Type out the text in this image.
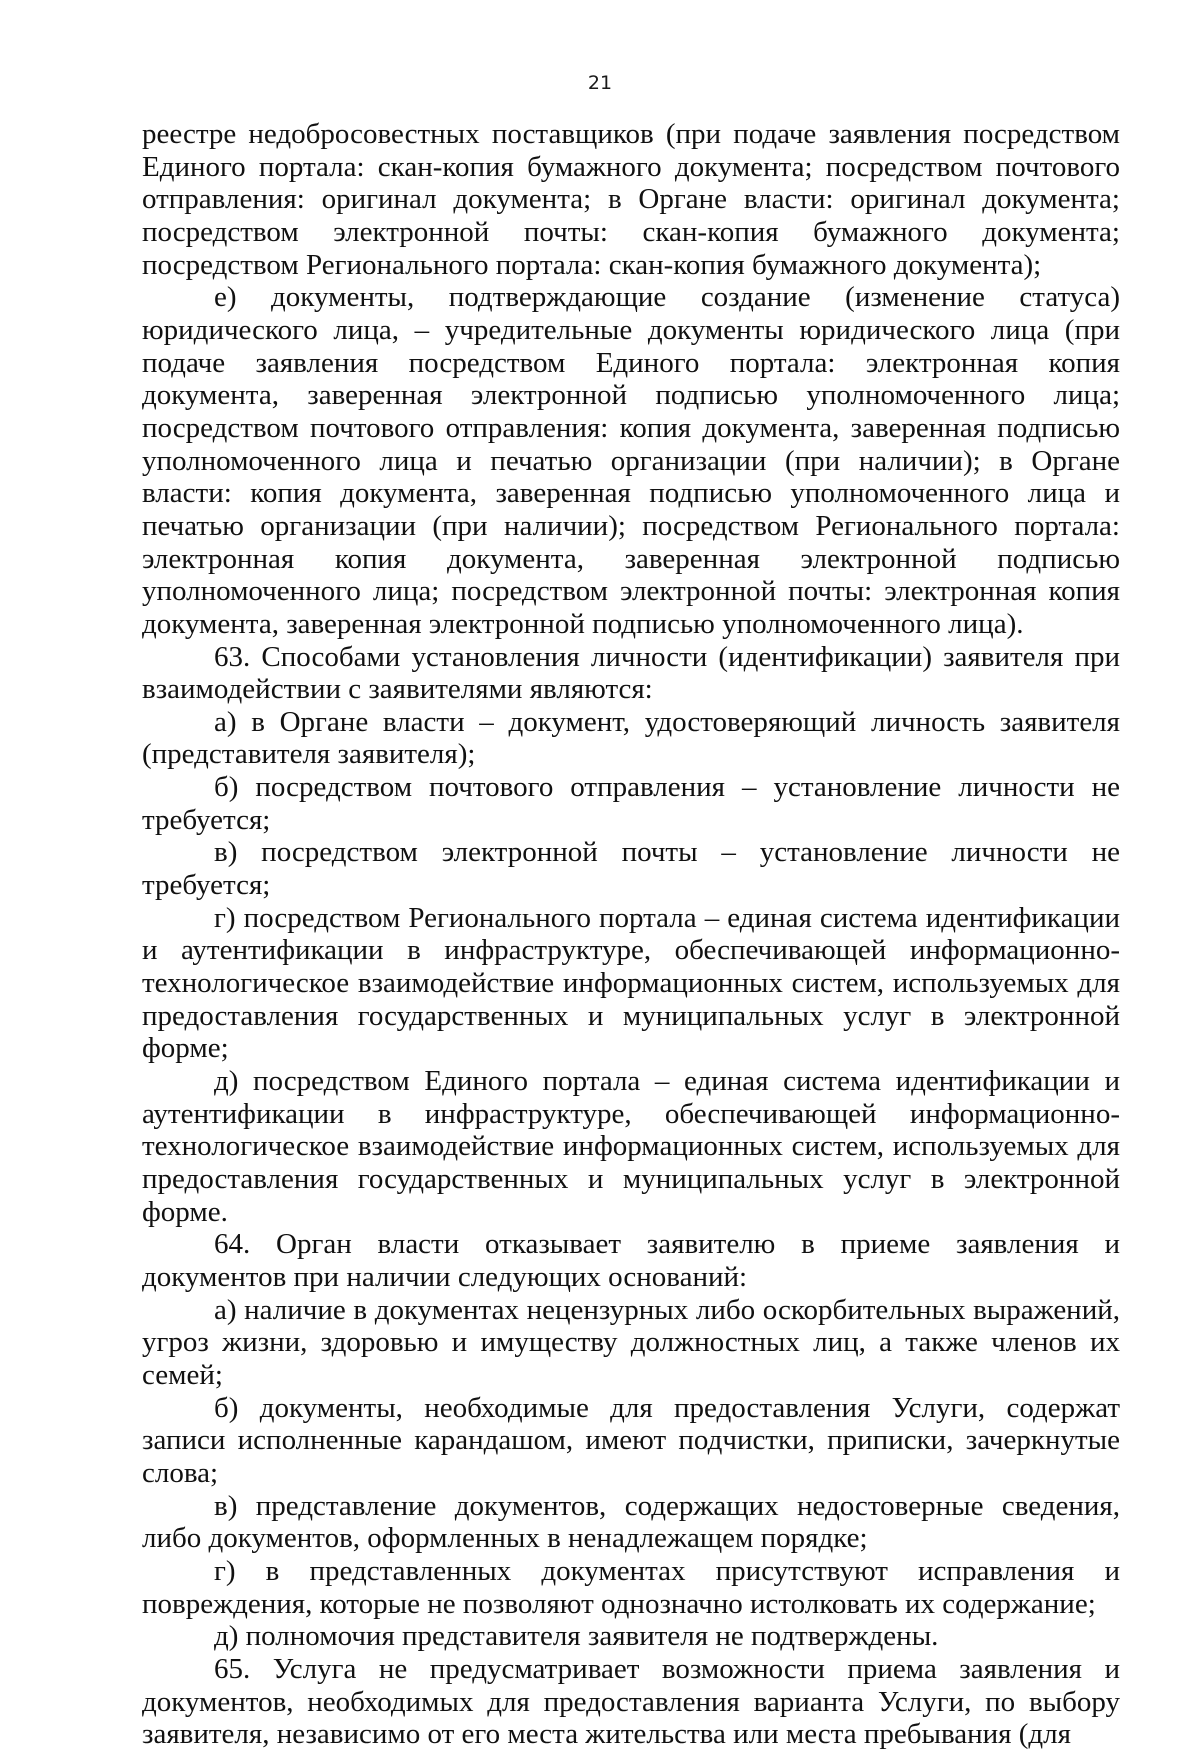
21

реестре недобросовестных поставщиков (при подаче заявления посредством Единого портала: скан-копия бумажного документа; посредством почтового отправления: оригинал документа; в Органе власти: оригинал документа; посредством электронной почты: скан-копия бумажного документа; посредством Регионального портала: скан-копия бумажного документа);

е) документы, подтверждающие создание (изменение статуса) юридического лица, – учредительные документы юридического лица (при подаче заявления посредством Единого портала: электронная копия документа, заверенная электронной подписью уполномоченного лица; посредством почтового отправления: копия документа, заверенная подписью уполномоченного лица и печатью организации (при наличии); в Органе власти: копия документа, заверенная подписью уполномоченного лица и печатью организации (при наличии); посредством Регионального портала: электронная копия документа, заверенная электронной подписью уполномоченного лица; посредством электронной почты: электронная копия документа, заверенная электронной подписью уполномоченного лица).

63. Способами установления личности (идентификации) заявителя при взаимодействии с заявителями являются:

а) в Органе власти – документ, удостоверяющий личность заявителя (представителя заявителя);

б) посредством почтового отправления – установление личности не требуется;

в) посредством электронной почты – установление личности не требуется;

г) посредством Регионального портала – единая система идентификации и аутентификации в инфраструктуре, обеспечивающей информационно-технологическое взаимодействие информационных систем, используемых для предоставления государственных и муниципальных услуг в электронной форме;

д) посредством Единого портала – единая система идентификации и аутентификации в инфраструктуре, обеспечивающей информационно-технологическое взаимодействие информационных систем, используемых для предоставления государственных и муниципальных услуг в электронной форме.

64. Орган власти отказывает заявителю в приеме заявления и документов при наличии следующих оснований:

а) наличие в документах нецензурных либо оскорбительных выражений, угроз жизни, здоровью и имуществу должностных лиц, а также членов их семей;

б) документы, необходимые для предоставления Услуги, содержат записи исполненные карандашом, имеют подчистки, приписки, зачеркнутые слова;

в) представление документов, содержащих недостоверные сведения, либо документов, оформленных в ненадлежащем порядке;

г) в представленных документах присутствуют исправления и повреждения, которые не позволяют однозначно истолковать их содержание;

д) полномочия представителя заявителя не подтверждены.

65. Услуга не предусматривает возможности приема заявления и документов, необходимых для предоставления варианта Услуги, по выбору заявителя, независимо от его места жительства или места пребывания (для
